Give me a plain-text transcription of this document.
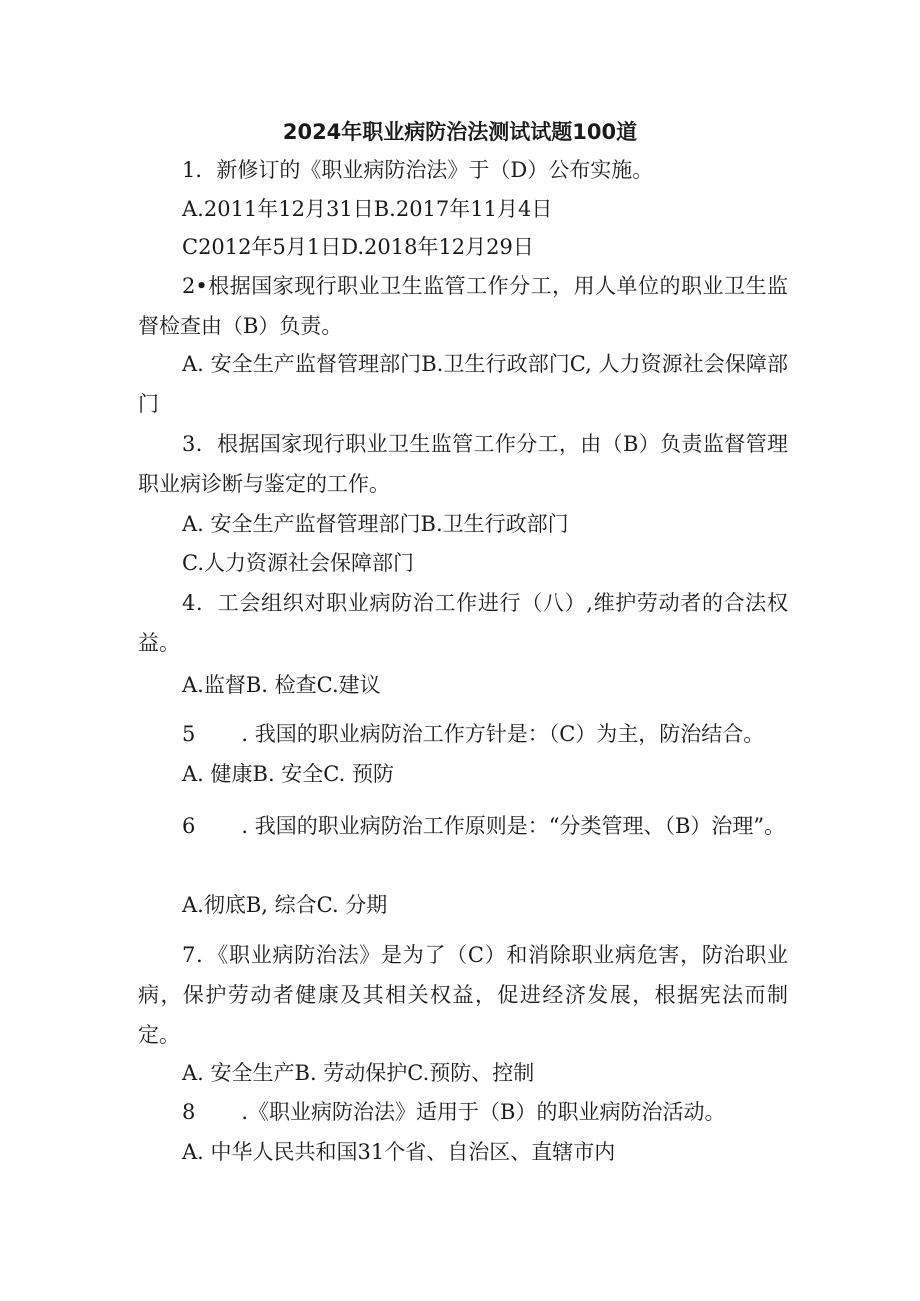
2024年职业病防治法测试试题100道
1．新修订的《职业病防治法》于（D）公布实施。
A.2011年12月31日B.2017年11月4日
C2012年5月1日D.2018年12月29日
2•根据国家现行职业卫生监管工作分工，用人单位的职业卫生监督检查由（B）负责。
A. 安全生产监督管理部门B.卫生行政部门C, 人力资源社会保障部门
3．根据国家现行职业卫生监管工作分工，由（B）负责监督管理职业病诊断与鉴定的工作。
A. 安全生产监督管理部门B.卫生行政部门
C.人力资源社会保障部门
4．工会组织对职业病防治工作进行（八）,维护劳动者的合法权益。
A.监督B. 检查C.建议
5 . 我国的职业病防治工作方针是：（C）为主，防治结合。
A. 健康B. 安全C. 预防
6 . 我国的职业病防治工作原则是：“分类管理、（B）治理”。
A.彻底B, 综合C. 分期
7．《职业病防治法》是为了（C）和消除职业病危害，防治职业病，保护劳动者健康及其相关权益，促进经济发展，根据宪法而制定。
A. 安全生产B. 劳动保护C.预防、控制
8 .《职业病防治法》适用于（B）的职业病防治活动。
A. 中华人民共和国31个省、自治区、直辖市内
